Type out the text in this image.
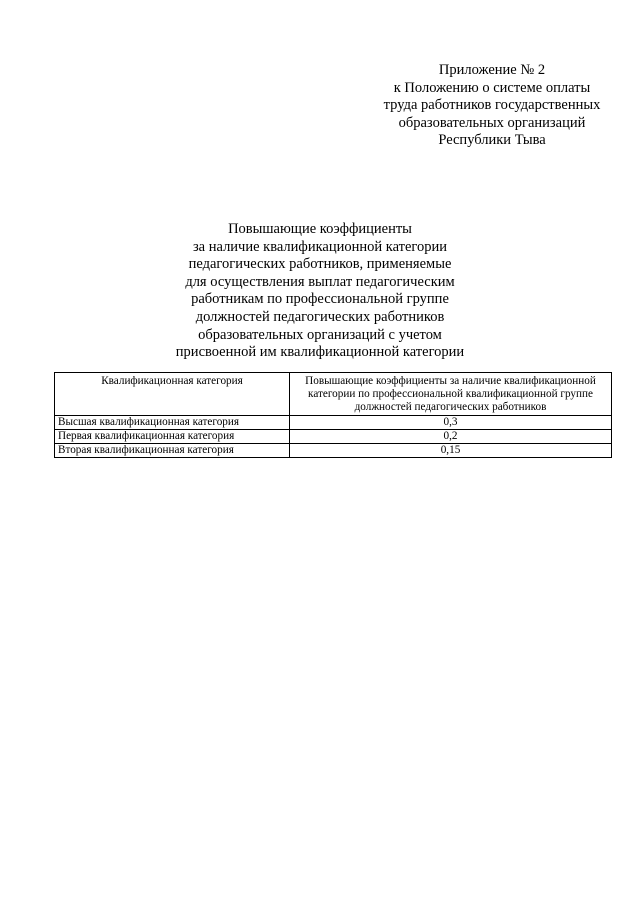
Приложение № 2
к Положению о системе оплаты
труда работников государственных
образовательных организаций
Республики Тыва
Повышающие коэффициенты
за наличие квалификационной категории
педагогических работников, применяемые
для осуществления выплат педагогическим
работникам по профессиональной группе
должностей педагогических работников
образовательных организаций с учетом
присвоенной им квалификационной категории
Квалификационная категория	Повышающие коэффициенты за наличие квалификационной категории по профессиональной квалификационной группе должностей педагогических работников
Высшая квалификационная категория	0,3
Первая квалификационная категория	0,2
Вторая квалификационная категория	0,15
